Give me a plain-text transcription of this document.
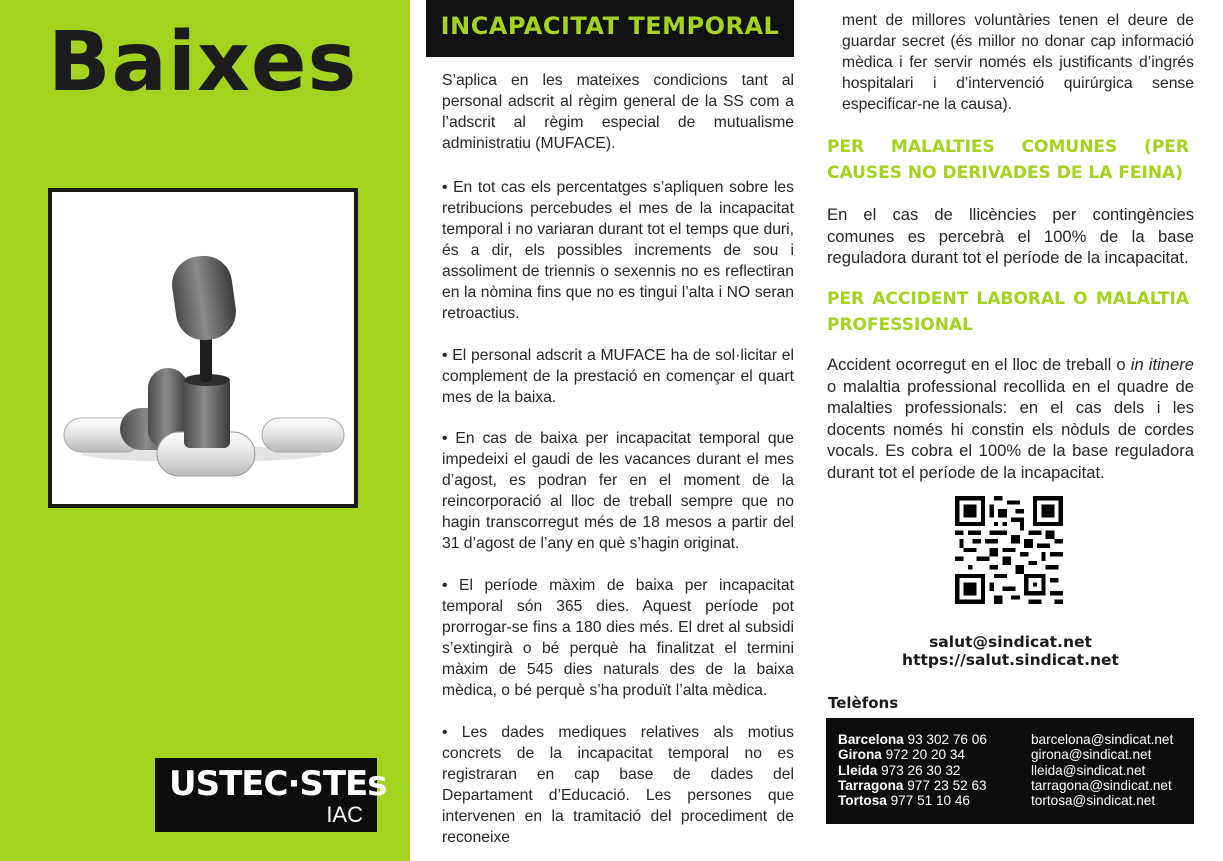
Baixes
USTEC·STEs
IAC
INCAPACITAT TEMPORAL

S’aplica en les mateixes condicions tant al personal adscrit al règim general de la SS com a l’adscrit al règim especial de mutualisme administratiu (MUFACE).

• En tot cas els percentatges s’apliquen sobre les retribucions percebudes el mes de la incapacitat temporal i no variaran durant tot el temps que duri, és a dir, els possibles increments de sou i assoliment de triennis o sexennis no es reflectiran en la nòmina fins que no es tingui l’alta i NO seran retroactius.

• El personal adscrit a MUFACE ha de sol·licitar el complement de la prestació en començar el quart mes de la baixa.

• En cas de baixa per incapacitat temporal que impedeixi el gaudi de les vacances durant el mes d’agost, es podran fer en el moment de la reincorporació al lloc de treball sempre que no hagin transcorregut més de 18 mesos a partir del 31 d’agost de l’any en què s’hagin originat.

• El període màxim de baixa per incapacitat temporal són 365 dies. Aquest període pot prorrogar-se fins a 180 dies més. El dret al subsidi s’extingirà o bé perquè ha finalitzat el termini màxim de 545 dies naturals des de la baixa mèdica, o bé perquè s’ha produït l’alta mèdica.

• Les dades mediques relatives als motius concrets de la incapacitat temporal no es registraran en cap base de dades del Departament d’Educació. Les persones que intervenen en la tramitació del procediment de reconeixe

ment de millores voluntàries tenen el deure de guardar secret (és millor no donar cap informació mèdica i fer servir només els justificants d’ingrés hospitalari i d’intervenció quirúrgica sense especificar-ne la causa).

PER MALALTIES COMUNES (PER CAUSES NO DERIVADES DE LA FEINA)

En el cas de llicències per contingències comunes es percebrà el 100% de la base reguladora durant tot el període de la incapacitat.

PER ACCIDENT LABORAL O MALALTIA PROFESSIONAL

Accident ocorregut en el lloc de treball o in itinere o malaltia professional recollida en el quadre de malalties professionals: en el cas dels i les docents només hi constin els nòduls de cordes vocals. Es cobra el 100% de la base reguladora durant tot el període de la incapacitat.

salut@sindicat.net
https://salut.sindicat.net
Telèfons
Barcelona 93 302 76 06	barcelona@sindicat.net
Girona 972 20 20 34	girona@sindicat.net
Lleida 973 26 30 32	lleida@sindicat.net
Tarragona 977 23 52 63	tarragona@sindicat.net
Tortosa 977 51 10 46	tortosa@sindicat.net
